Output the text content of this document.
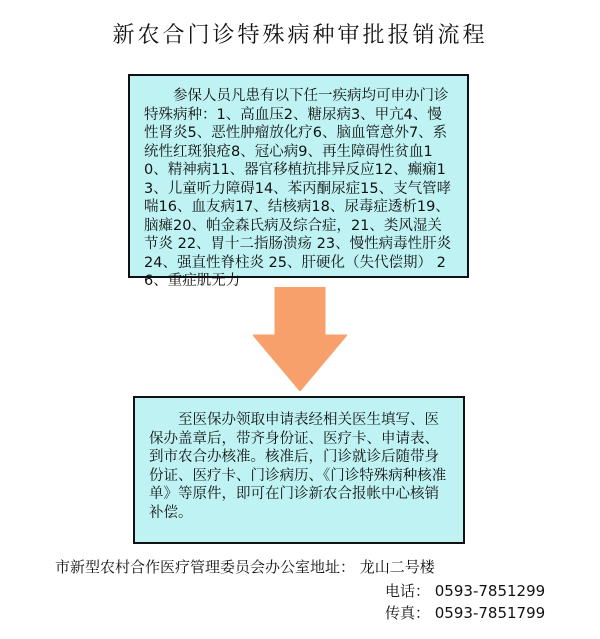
新农合门诊特殊病种审批报销流程

参保人员凡患有以下任一疾病均可申办门诊特殊病种：1、高血压2、糖尿病3、甲亢4、慢性肾炎5、恶性肿瘤放化疗6、脑血管意外7、系统性红斑狼疮8、冠心病9、再生障碍性贫血10、精神病11、器官移植抗排异反应12、癫痫13、儿童听力障碍14、苯丙酮尿症15、支气管哮喘16、血友病17、结核病18、尿毒症透析19、脑瘫20、帕金森氏病及综合症，21、类风湿关节炎 22、胃十二指肠溃疡 23、慢性病毒性肝炎 24、强直性脊柱炎 25、肝硬化（失代偿期） 26、重症肌无力

至医保办领取申请表经相关医生填写、医保办盖章后，带齐身份证、医疗卡、申请表、到市农合办核准。核准后，门诊就诊后随带身份证、医疗卡、门诊病历、《门诊特殊病种核准单》等原件，即可在门诊新农合报帐中心核销补偿。

市新型农村合作医疗管理委员会办公室地址： 龙山二号楼
电话： 0593-7851299
传真： 0593-7851799
